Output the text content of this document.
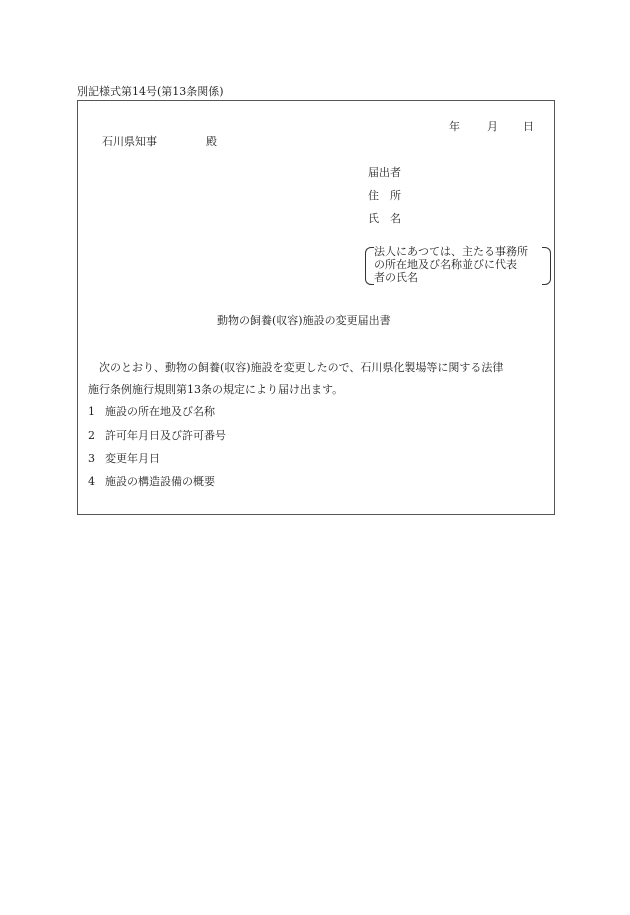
別記様式第14号(第13条関係)
年 月 日
石川県知事	殿
届出者
住　所
氏　名
法人にあつては、主たる事務所
の所在地及び名称並びに代表
者の氏名
動物の飼養(収容)施設の変更届出書
　次のとおり、動物の飼養(収容)施設を変更したので、石川県化製場等に関する法律
施行条例施行規則第13条の規定により届け出ます。
1 施設の所在地及び名称
2 許可年月日及び許可番号
3 変更年月日
4 施設の構造設備の概要
